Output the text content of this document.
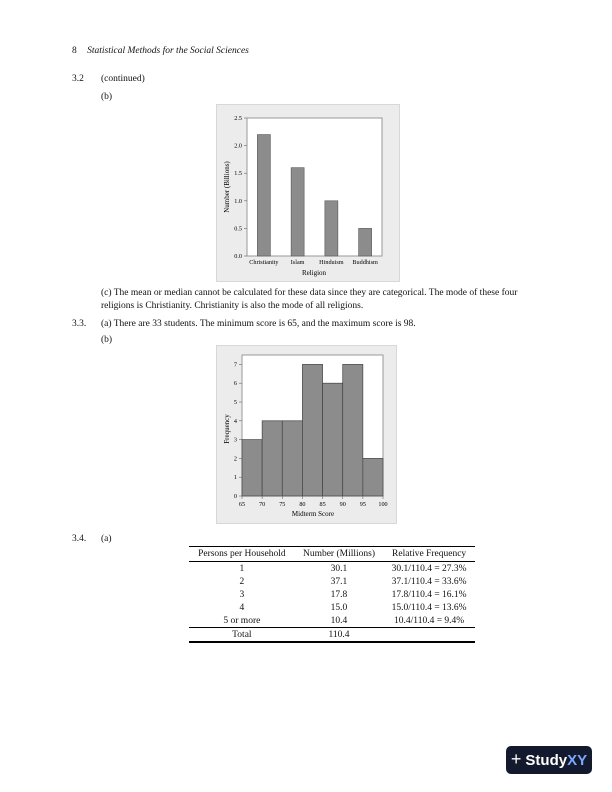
8 Statistical Methods for the Social Sciences
3.2 (continued)
(b)
0.0
0.5
1.0
1.5
2.0
2.5
Christianity Islam Hinduism Buddhism
Religion
Number (Billions)
(c) The mean or median cannot be calculated for these data since they are categorical. The mode of these four religions is Christianity. Christianity is also the mode of all religions.
3.3. (a) There are 33 students. The minimum score is 65, and the maximum score is 98.
(b)
0
1
2
3
4
5
6
7
65 70 75 80 85 90 95 100
Midterm Score
Frequency
3.4. (a)
Persons per Household	Number (Millions)	Relative Frequency
1	30.1	30.1/110.4 = 27.3%
2	37.1	37.1/110.4 = 33.6%
3	17.8	17.8/110.4 = 16.1%
4	15.0	15.0/110.4 = 13.6%
5 or more	10.4	10.4/110.4 = 9.4%
Total	110.4	
+ StudyXY
